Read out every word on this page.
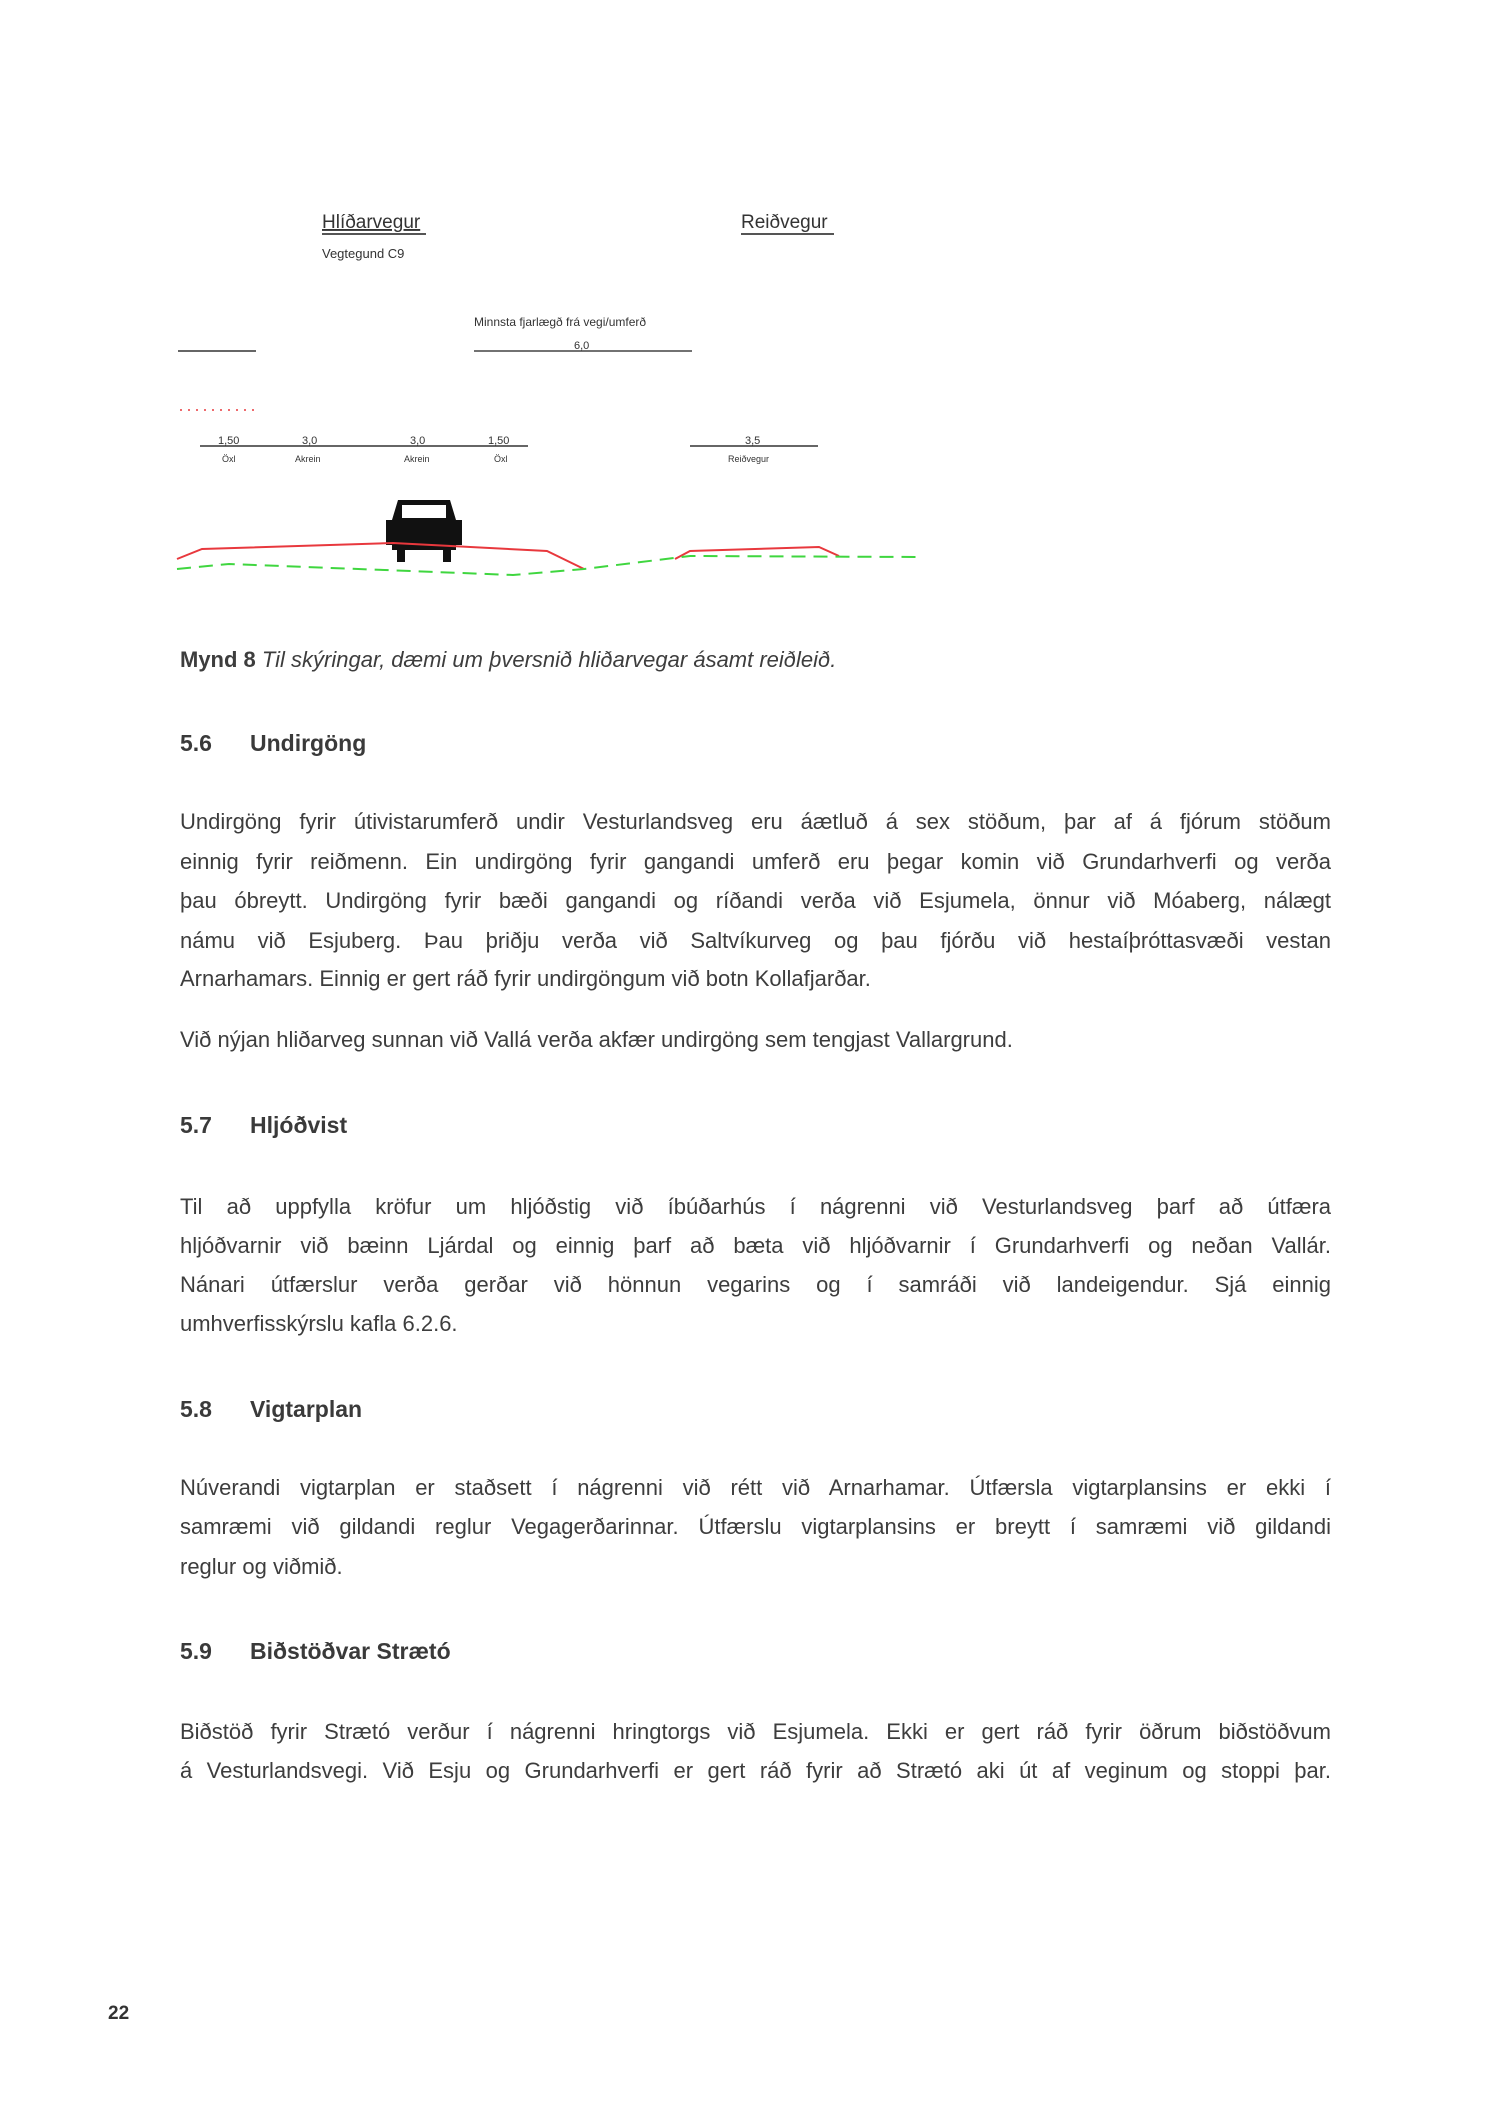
Hlíðarvegur
Vegtegund C9
Reiðvegur
Minnsta fjarlægð frá vegi/umferð
6,0
1,50
Öxl
3,0
Akrein
3,0
Akrein
1,50
Öxl
3,5
Reiðvegur
Mynd 8 Til skýringar, dæmi um þversnið hliðarvegar ásamt reiðleið.
5.6 Undirgöng
Undirgöng fyrir útivistarumferð undir Vesturlandsveg eru áætluð á sex stöðum, þar af á fjórum stöðum
einnig fyrir reiðmenn. Ein undirgöng fyrir gangandi umferð eru þegar komin við Grundarhverfi og verða
þau óbreytt. Undirgöng fyrir bæði gangandi og ríðandi verða við Esjumela, önnur við Móaberg, nálægt
námu við Esjuberg. Þau þriðju verða við Saltvíkurveg og þau fjórðu við hestaíþróttasvæði vestan
Arnarhamars. Einnig er gert ráð fyrir undirgöngum við botn Kollafjarðar.
Við nýjan hliðarveg sunnan við Vallá verða akfær undirgöng sem tengjast Vallargrund.
5.7 Hljóðvist
Til að uppfylla kröfur um hljóðstig við íbúðarhús í nágrenni við Vesturlandsveg þarf að útfæra
hljóðvarnir við bæinn Ljárdal og einnig þarf að bæta við hljóðvarnir í Grundarhverfi og neðan Vallár.
Nánari útfærslur verða gerðar við hönnun vegarins og í samráði við landeigendur. Sjá einnig
umhverfisskýrslu kafla 6.2.6.
5.8 Vigtarplan
Núverandi vigtarplan er staðsett í nágrenni við rétt við Arnarhamar. Útfærsla vigtarplansins er ekki í
samræmi við gildandi reglur Vegagerðarinnar. Útfærslu vigtarplansins er breytt í samræmi við gildandi
reglur og viðmið.
5.9 Biðstöðvar Strætó
Biðstöð fyrir Strætó verður í nágrenni hringtorgs við Esjumela. Ekki er gert ráð fyrir öðrum biðstöðvum
á Vesturlandsvegi. Við Esju og Grundarhverfi er gert ráð fyrir að Strætó aki út af veginum og stoppi þar.
22
